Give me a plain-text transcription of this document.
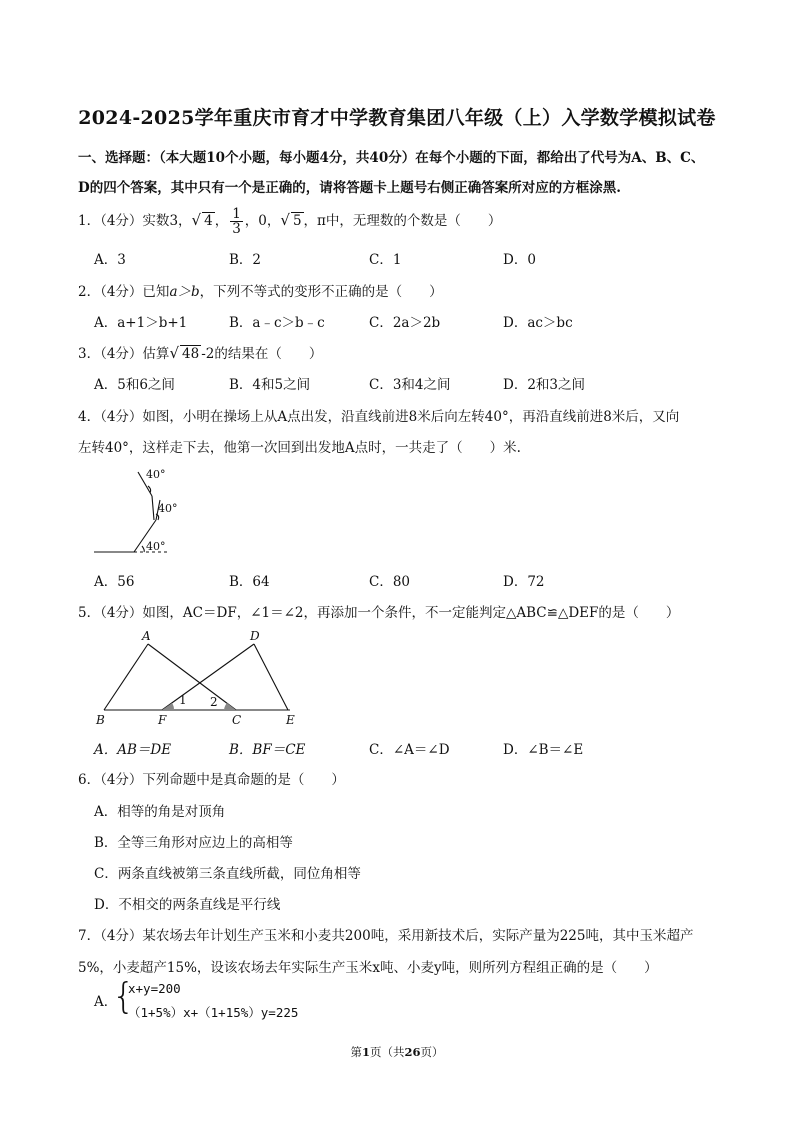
2024-2025学年重庆市育才中学教育集团八年级（上）入学数学模拟试卷
一、选择题：（本大题10个小题，每小题4分，共40分）在每个小题的下面，都给出了代号为A、B、C、
D的四个答案，其中只有一个是正确的，请将答题卡上题号右侧正确答案所对应的方框涂黑.
1．（4分）实数3，√ 4 ， $\frac{1}{3}$ ，0，√ 5 ，π中，无理数的个数是（　　）
A．3	B．2	C．1	D．0
2．（4分）已知a＞b，下列不等式的变形不正确的是（　　）
A．a+1＞b+1	B．a﹣c＞b﹣c	C．2a＞2b	D．ac＞bc
3．（4分）估算√ 48 -2的结果在（　　）
A．5和6之间	B．4和5之间	C．3和4之间	D．2和3之间
4．（4分）如图，小明在操场上从A点出发，沿直线前进8米后向左转40°，再沿直线前进8米后，又向
左转40°，这样走下去，他第一次回到出发地A点时，一共走了（　　）米.
40°
40°
40°
A．56	B．64	C．80	D．72
5．（4分）如图，AC＝DF，∠1＝∠2，再添加一个条件，不一定能判定△ABC≌△DEF的是（　　）
A	D
B	F	C	E
1 2
A．AB＝DE	B．BF＝CE	C．∠A＝∠D	D．∠B＝∠E
6．（4分）下列命题中是真命题的是（　　）
A．相等的角是对顶角
B．全等三角形对应边上的高相等
C．两条直线被第三条直线所截，同位角相等
D．不相交的两条直线是平行线
7．（4分）某农场去年计划生产玉米和小麦共200吨，采用新技术后，实际产量为225吨，其中玉米超产
5%，小麦超产15%，设该农场去年实际生产玉米x吨、小麦y吨，则所列方程组正确的是（　　）
A．
{
x+y=200
（1+5%）x+（1+15%）y=225
第1页（共26页）
